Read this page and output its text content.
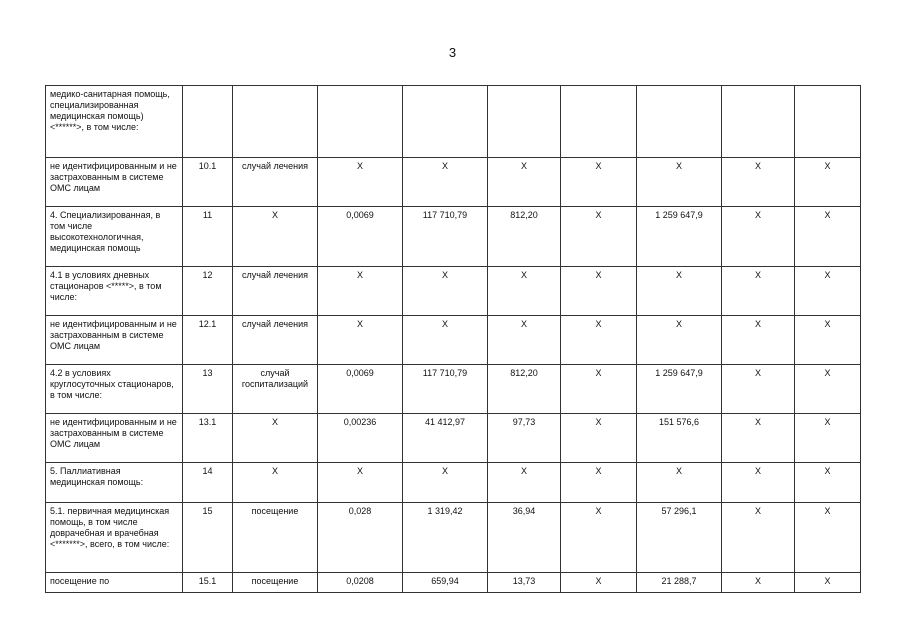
3
медико-санитарная помощь, специализированная медицинская помощь) <******>, в том числе:									
не идентифицированным и не застрахованным в системе ОМС лицам	10.1	случай лечения	X	X	X	X	X	X	X
4. Специализированная, в том числе высокотехнологичная, медицинская помощь	11	X	0,0069	117 710,79	812,20	X	1 259 647,9	X	X
4.1 в условиях дневных стационаров <*****>, в том числе:	12	случай лечения	X	X	X	X	X	X	X
не идентифицированным и не застрахованным в системе ОМС лицам	12.1	случай лечения	X	X	X	X	X	X	X
4.2 в условиях круглосуточных стационаров, в том числе:	13	случай госпитализаций	0,0069	117 710,79	812,20	X	1 259 647,9	X	X
не идентифицированным и не застрахованным в системе ОМС лицам	13.1	X	0,00236	41 412,97	97,73	X	151 576,6	X	X
5. Паллиативная медицинская помощь:	14	X	X	X	X	X	X	X	X
5.1. первичная медицинская помощь, в том числе доврачебная и врачебная <*******>, всего, в том числе:	15	посещение	0,028	1 319,42	36,94	X	57 296,1	X	X
посещение по	15.1	посещение	0,0208	659,94	13,73	X	21 288,7	X	X
